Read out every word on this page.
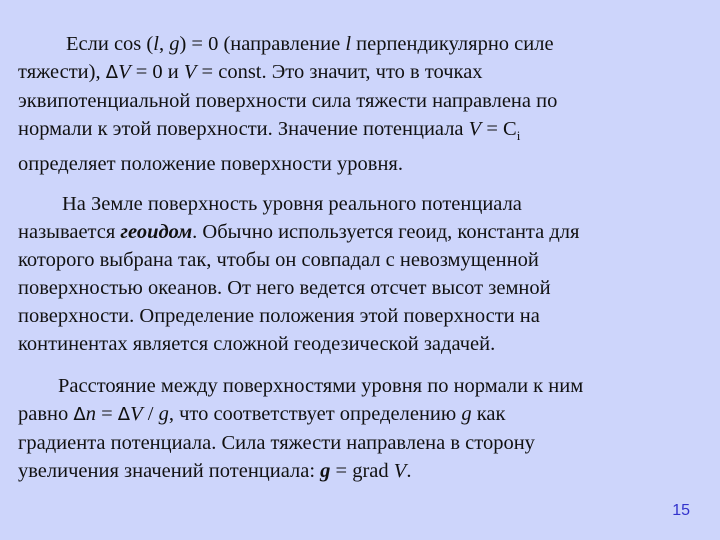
Если cos (l, g) = 0 (направление l перпендикулярно силе
тяжести), ΔV = 0 и V = const. Это значит, что в точках
эквипотенциальной поверхности сила тяжести направлена по
нормали к этой поверхности. Значение потенциала $V = C_i$
определяет положение поверхности уровня.
На Земле поверхность уровня реального потенциала
называется геоидом. Обычно используется геоид, константа для
которого выбрана так, чтобы он совпадал с невозмущенной
поверхностью океанов. От него ведется отсчет высот земной
поверхности. Определение положения этой поверхности на
континентах является сложной геодезической задачей.
Расстояние между поверхностями уровня по нормали к ним
равно Δn = ΔV / g, что соответствует определению g как
градиента потенциала. Сила тяжести направлена в сторону
увеличения значений потенциала: g = grad V.
15
